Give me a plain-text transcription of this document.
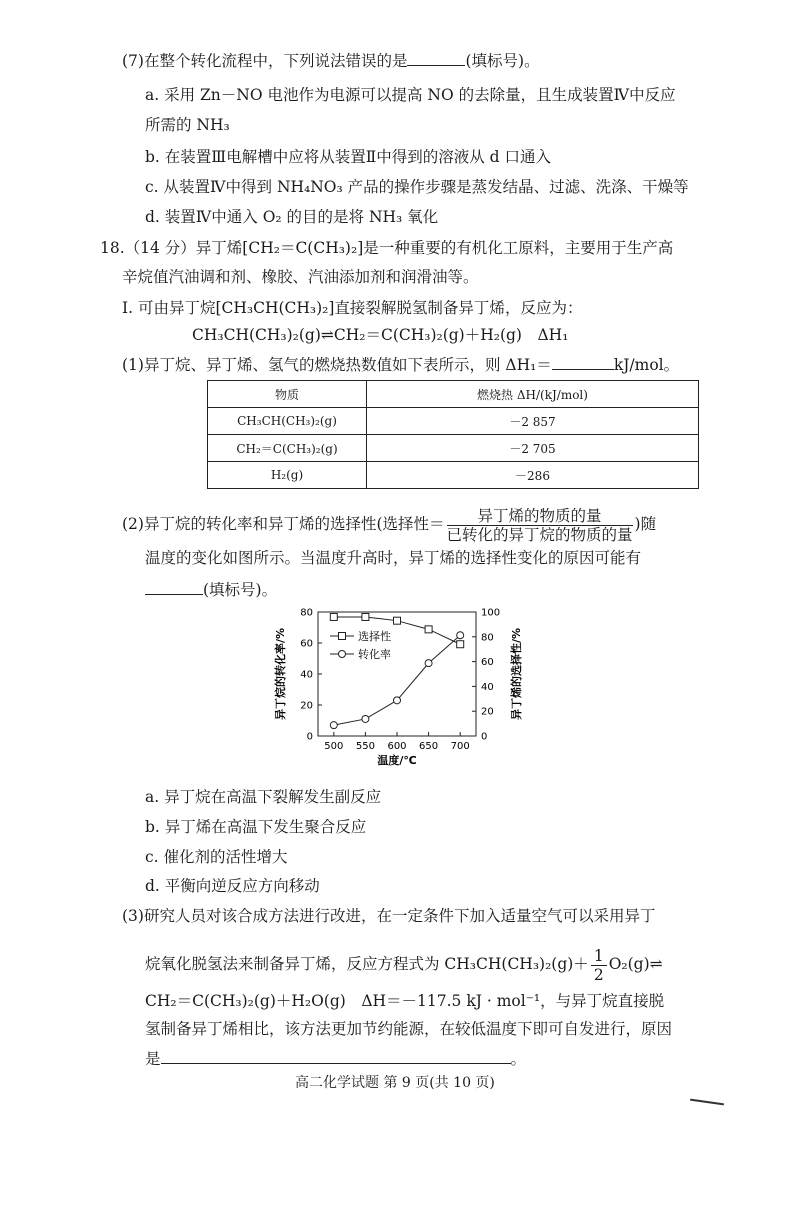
(7)在整个转化流程中，下列说法错误的是	(填标号)。
a. 采用 Zn－NO 电池作为电源可以提高 NO 的去除量，且生成装置Ⅳ中反应
所需的 NH₃
b. 在装置Ⅲ电解槽中应将从装置Ⅱ中得到的溶液从 d 口通入
c. 从装置Ⅳ中得到 NH₄NO₃ 产品的操作步骤是蒸发结晶、过滤、洗涤、干燥等
d. 装置Ⅳ中通入 O₂ 的目的是将 NH₃ 氧化
18.（14 分）异丁烯[CH₂＝C(CH₃)₂]是一种重要的有机化工原料，主要用于生产高
辛烷值汽油调和剂、橡胶、汽油添加剂和润滑油等。
Ⅰ. 可由异丁烷[CH₃CH(CH₃)₂]直接裂解脱氢制备异丁烯，反应为：
CH₃CH(CH₃)₂(g)⇌CH₂＝C(CH₃)₂(g)＋H₂(g)　ΔH₁
(1)异丁烷、异丁烯、氢气的燃烧热数值如下表所示，则 ΔH₁＝	kJ/mol。
物质	燃烧热 ΔH/(kJ/mol)
CH₃CH(CH₃)₂(g)	－2 857
CH₂＝C(CH₃)₂(g)	－2 705
H₂(g)	－286
(2)异丁烷的转化率和异丁烯的选择性(选择性＝ $\frac{\text{异丁烯的物质的量}}{\text{已转化的异丁烷的物质的量}}$ )随
温度的变化如图所示。当温度升高时，异丁烯的选择性变化的原因可能有
(填标号)。
500 550 600 650 700
0
20
40
60
80
0
20
40
60
80
100
温度/℃
异丁烷的转化率/%	异丁烯的选择性/%
选择性
转化率
a. 异丁烷在高温下裂解发生副反应
b. 异丁烯在高温下发生聚合反应
c. 催化剂的活性增大
d. 平衡向逆反应方向移动
(3)研究人员对该合成方法进行改进，在一定条件下加入适量空气可以采用异丁
烷氧化脱氢法来制备异丁烯，反应方程式为 $CH_3CH(CH_3)_2(g)+ \frac{1}{2}$ O₂(g)⇌
CH₂＝C(CH₃)₂(g)＋H₂O(g)　ΔH＝－117.5 kJ · mol⁻¹，与异丁烷直接脱
氢制备异丁烯相比，该方法更加节约能源，在较低温度下即可自发进行，原因
是	。
高二化学试题 第 9 页(共 10 页)
